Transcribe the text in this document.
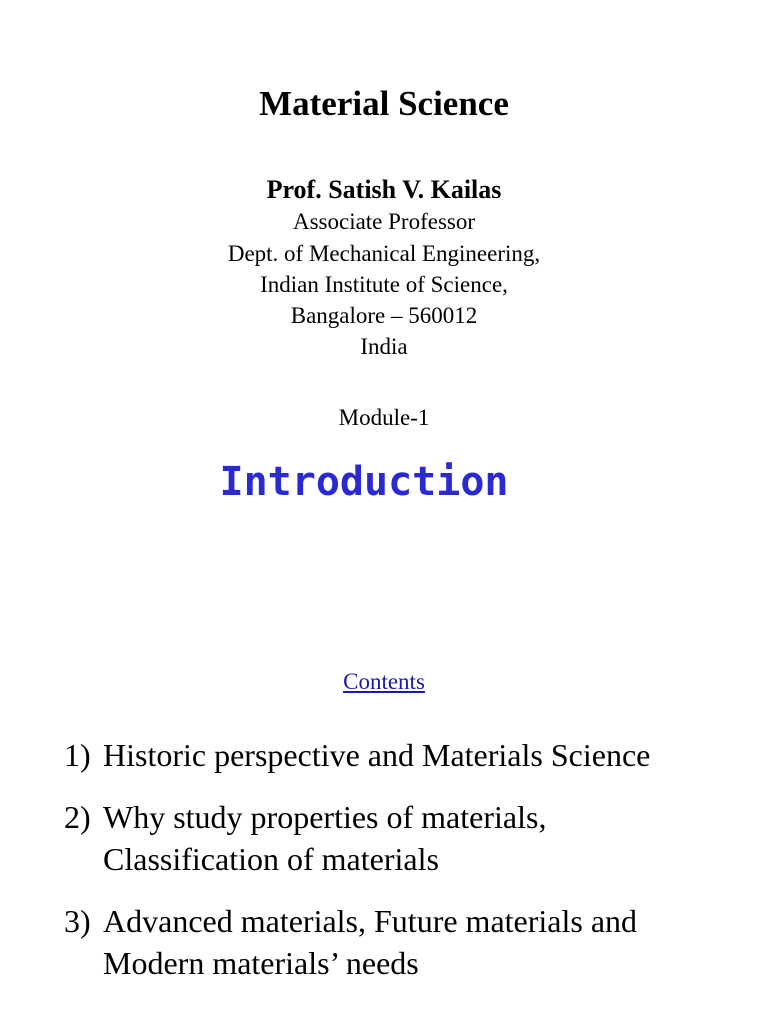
Material Science
Prof. Satish V. Kailas
Associate Professor
Dept. of Mechanical Engineering,
Indian Institute of Science,
Bangalore – 560012
India
Module-1
Introduction
Contents
1) Historic perspective and Materials Science
2) Why study properties of materials,
Classification of materials
3) Advanced materials, Future materials and
Modern materials’ needs
